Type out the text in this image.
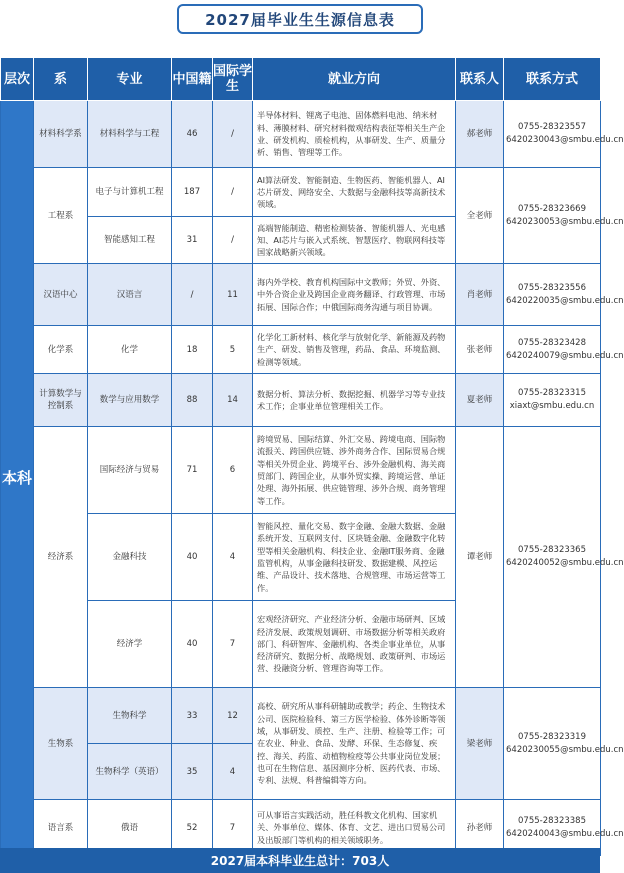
2027届毕业生生源信息表
层次	系	专业	中国籍	国际学生	就业方向	联系人	联系方式
本科	材料科学系	材料科学与工程	46	/	半导体材料、锂离子电池、固体燃料电池、纳米材料、薄膜材料、研究材料微观结构表征等相关生产企业、研发机构、质检机构，从事研发、生产、质量分析、销售、管理等工作。	郝老师	0755-28323557
6420230043@smbu.edu.cn

	工程系	电子与计算机工程	187	/	AI算法研发、智能制造、生物医药、智能机器人、AI芯片研发、网络安全、大数据与金融科技等高新技术领域。	全老师	0755-28323669
6420230053@smbu.edu.cn

		智能感知工程	31	/	高端智能制造、精密检测装备、智能机器人、光电感知、AI芯片与嵌入式系统、智慧医疗、物联网科技等国家战略新兴领域。		
	汉语中心	汉语言	/	11	海内外学校、教育机构国际中文教师；外贸、外资、中外合资企业及跨国企业商务翻译、行政管理、市场拓展、国际合作；中俄国际商务沟通与项目协调。	肖老师	0755-28323556
6420220035@smbu.edu.cn

	化学系	化学	18	5	化学化工新材料、核化学与放射化学、新能源及药物生产、研发、销售及管理，药品、食品、环境监测、检测等领域。	张老师	0755-28323428
6420240079@smbu.edu.cn

	计算数学与控制系	数学与应用数学	88	14	数据分析、算法分析、数据挖掘、机器学习等专业技术工作；企事业单位管理相关工作。	夏老师	0755-28323315
xiaxt@smbu.edu.cn

	经济系	国际经济与贸易	71	6	跨境贸易、国际结算、外汇交易、跨境电商、国际物流报关、跨国供应链、涉外商务合作、国际贸易合规等相关外贸企业、跨境平台、涉外金融机构、海关商贸部门、跨国企业，从事外贸实操、跨境运营、单证处理、海外拓展、供应链管理、涉外合规、商务管理等工作。	谭老师	0755-28323365
6420240052@smbu.edu.cn

		金融科技	40	4	智能风控、量化交易、数字金融、金融大数据、金融系统开发、互联网支付、区块链金融、金融数字化转型等相关金融机构、科技企业、金融IT服务商、金融监管机构，从事金融科技研发、数据建模、风控运维、产品设计、技术落地、合规管理、市场运营等工作。		
		经济学	40	7	宏观经济研究、产业经济分析、金融市场研判、区域经济发展、政策规划调研、市场数据分析等相关政府部门、科研智库、金融机构、各类企事业单位，从事经济研究、数据分析、战略规划、政策研判、市场运营、投融资分析、管理咨询等工作。		
	生物系	生物科学	33	12	高校、研究所从事科研辅助或教学；药企、生物技术公司、医院检验科、第三方医学检验、体外诊断等领域，从事研发、质控、生产、注册、检验等工作；可在农业、种业、食品、发酵、环保、生态修复、疾控、海关、药监、动植物检疫等公共事业岗位发展；也可在生物信息、基因测序分析、医药代表、市场、专利、法规、科普编辑等方向。	梁老师	0755-28323319
6420230055@smbu.edu.cn

		生物科学（英语）	35	4			
	语言系	俄语	52	7	可从事语言实践活动，胜任科教文化机构、国家机关、外事单位、媒体、体育、文艺、进出口贸易公司及出版部门等机构的相关领域职务。	孙老师	0755-28323385
6420240043@smbu.edu.cn
2027届本科毕业生总计：703人
